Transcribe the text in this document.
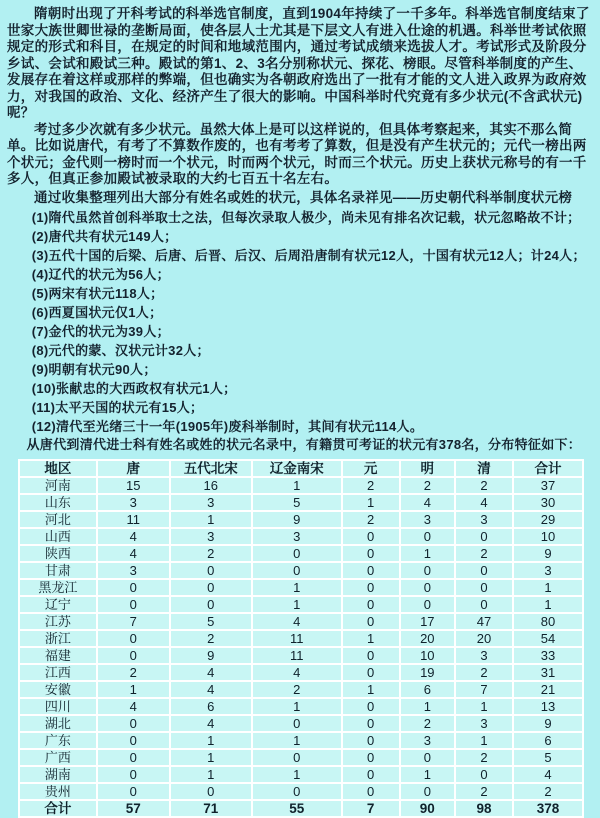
隋朝时出现了开科考试的科举选官制度，直到1904年持续了一千多年。科举选官制度结束了世家大族世卿世禄的垄断局面，使各层人士尤其是下层文人有进入仕途的机遇。科举世考试依照规定的形式和科目，在规定的时间和地域范围内，通过考试成绩来选拔人才。考试形式及阶段分乡试、会试和殿试三种。殿试的第1、2、3名分别称状元、探花、榜眼。尽管科举制度的产生、发展存在着这样或那样的弊端，但也确实为各朝政府选出了一批有才能的文人进入政界为政府效力，对我国的政治、文化、经济产生了很大的影响。中国科举时代究竟有多少状元(不含武状元)呢？

考过多少次就有多少状元。虽然大体上是可以这样说的，但具体考察起来，其实不那么简单。比如说唐代，有考了不算数作废的，也有考考了算数，但是没有产生状元的；元代一榜出两个状元；金代则一榜时而一个状元，时而两个状元，时而三个状元。历史上获状元称号的有一千多人，但真正参加殿试被录取的大约七百五十名左右。

通过收集整理列出大部分有姓名或姓的状元，具体名录祥见——历史朝代科举制度状元榜

(1)隋代虽然首创科举取士之法，但每次录取人极少，尚未见有排名次记载，状元忽略故不计；
(2)唐代共有状元149人；
(3)五代十国的后梁、后唐、后晋、后汉、后周沿唐制有状元12人，十国有状元12人；计24人；
(4)辽代的状元为56人；
(5)两宋有状元118人；
(6)西夏国状元仅1人；
(7)金代的状元为39人；
(8)元代的蒙、汉状元计32人；
(9)明朝有状元90人；
(10)张献忠的大西政权有状元1人；
(11)太平天国的状元有15人；
(12)清代至光绪三十一年(1905年)废科举制时，其间有状元114人。

从唐代到清代进士科有姓名或姓的状元名录中，有籍贯可考证的状元有378名，分布特征如下：

地区	唐	五代北宋	辽金南宋	元	明	清	合计
河南	15	16	1	2	2	2	37
山东	3	3	5	1	4	4	30
河北	11	1	9	2	3	3	29
山西	4	3	3	0	0	0	10
陕西	4	2	0	0	1	2	9
甘肃	3	0	0	0	0	0	3
黑龙江	0	0	1	0	0	0	1
辽宁	0	0	1	0	0	0	1
江苏	7	5	4	0	17	47	80
浙江	0	2	11	1	20	20	54
福建	0	9	11	0	10	3	33
江西	2	4	4	0	19	2	31
安徽	1	4	2	1	6	7	21
四川	4	6	1	0	1	1	13
湖北	0	4	0	0	2	3	9
广东	0	1	1	0	3	1	6
广西	0	1	0	0	0	2	5
湖南	0	1	1	0	1	0	4
贵州	0	0	0	0	0	2	2
合计	57	71	55	7	90	98	378
